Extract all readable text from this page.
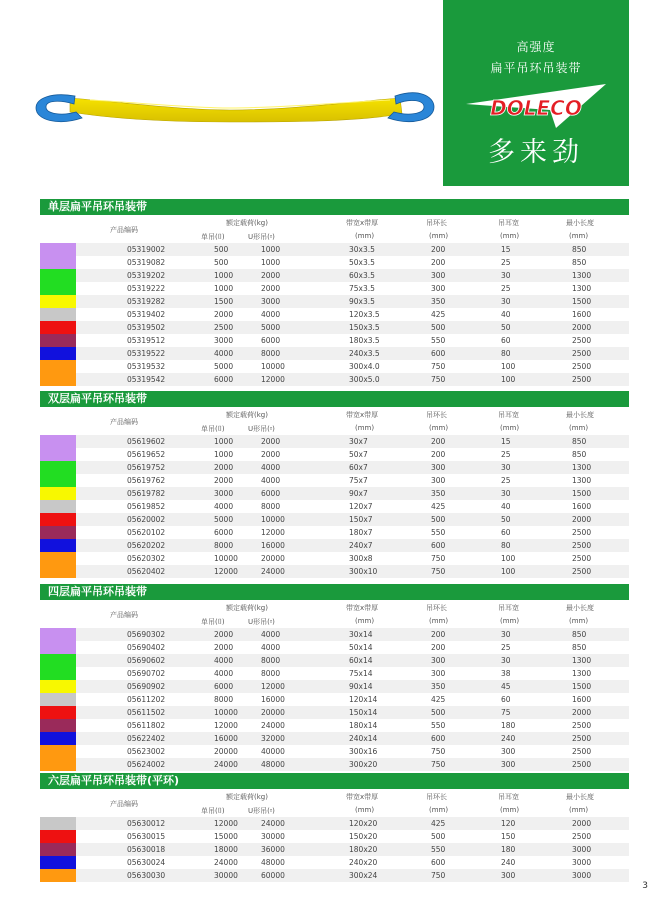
高强度
扁平吊环吊装带
DOLECO
多来劲
单层扁平吊环吊装带
额定载荷(kg)	带宽x带厚	吊环长	吊耳宽	最小长度
产品编码
单吊(⌷)	U形吊(⏒)	(mm)	(mm)	(mm)	(mm)
05319002	500	1000	30x3.5	200	15	850
05319082	500	1000	50x3.5	200	25	850
05319202	1000	2000	60x3.5	300	30	1300
05319222	1000	2000	75x3.5	300	25	1300
05319282	1500	3000	90x3.5	350	30	1500
05319402	2000	4000	120x3.5	425	40	1600
05319502	2500	5000	150x3.5	500	50	2000
05319512	3000	6000	180x3.5	550	60	2500
05319522	4000	8000	240x3.5	600	80	2500
05319532	5000	10000	300x4.0	750	100	2500
05319542	6000	12000	300x5.0	750	100	2500
双层扁平吊环吊装带
额定载荷(kg)	带宽x带厚	吊环长	吊耳宽	最小长度
产品编码
单吊(⌷)	U形吊(⏒)	(mm)	(mm)	(mm)	(mm)
05619602	1000	2000	30x7	200	15	850
05619652	1000	2000	50x7	200	25	850
05619752	2000	4000	60x7	300	30	1300
05619762	2000	4000	75x7	300	25	1300
05619782	3000	6000	90x7	350	30	1500
05619852	4000	8000	120x7	425	40	1600
05620002	5000	10000	150x7	500	50	2000
05620102	6000	12000	180x7	550	60	2500
05620202	8000	16000	240x7	600	80	2500
05620302	10000	20000	300x8	750	100	2500
05620402	12000	24000	300x10	750	100	2500
四层扁平吊环吊装带
额定载荷(kg)	带宽x带厚	吊环长	吊耳宽	最小长度
产品编码
单吊(⌷)	U形吊(⏒)	(mm)	(mm)	(mm)	(mm)
05690302	2000	4000	30x14	200	30	850
05690402	2000	4000	50x14	200	25	850
05690602	4000	8000	60x14	300	30	1300
05690702	4000	8000	75x14	300	38	1300
05690902	6000	12000	90x14	350	45	1500
05611202	8000	16000	120x14	425	60	1600
05611502	10000	20000	150x14	500	75	2000
05611802	12000	24000	180x14	550	180	2500
05622402	16000	32000	240x14	600	240	2500
05623002	20000	40000	300x16	750	300	2500
05624002	24000	48000	300x20	750	300	2500
六层扁平吊环吊装带(平环)
额定载荷(kg)	带宽x带厚	吊环长	吊耳宽	最小长度
产品编码
单吊(⌷)	U形吊(⏒)	(mm)	(mm)	(mm)	(mm)
05630012	12000	24000	120x20	425	120	2000
05630015	15000	30000	150x20	500	150	2500
05630018	18000	36000	180x20	550	180	3000
05630024	24000	48000	240x20	600	240	3000
05630030	30000	60000	300x24	750	300	3000
3
